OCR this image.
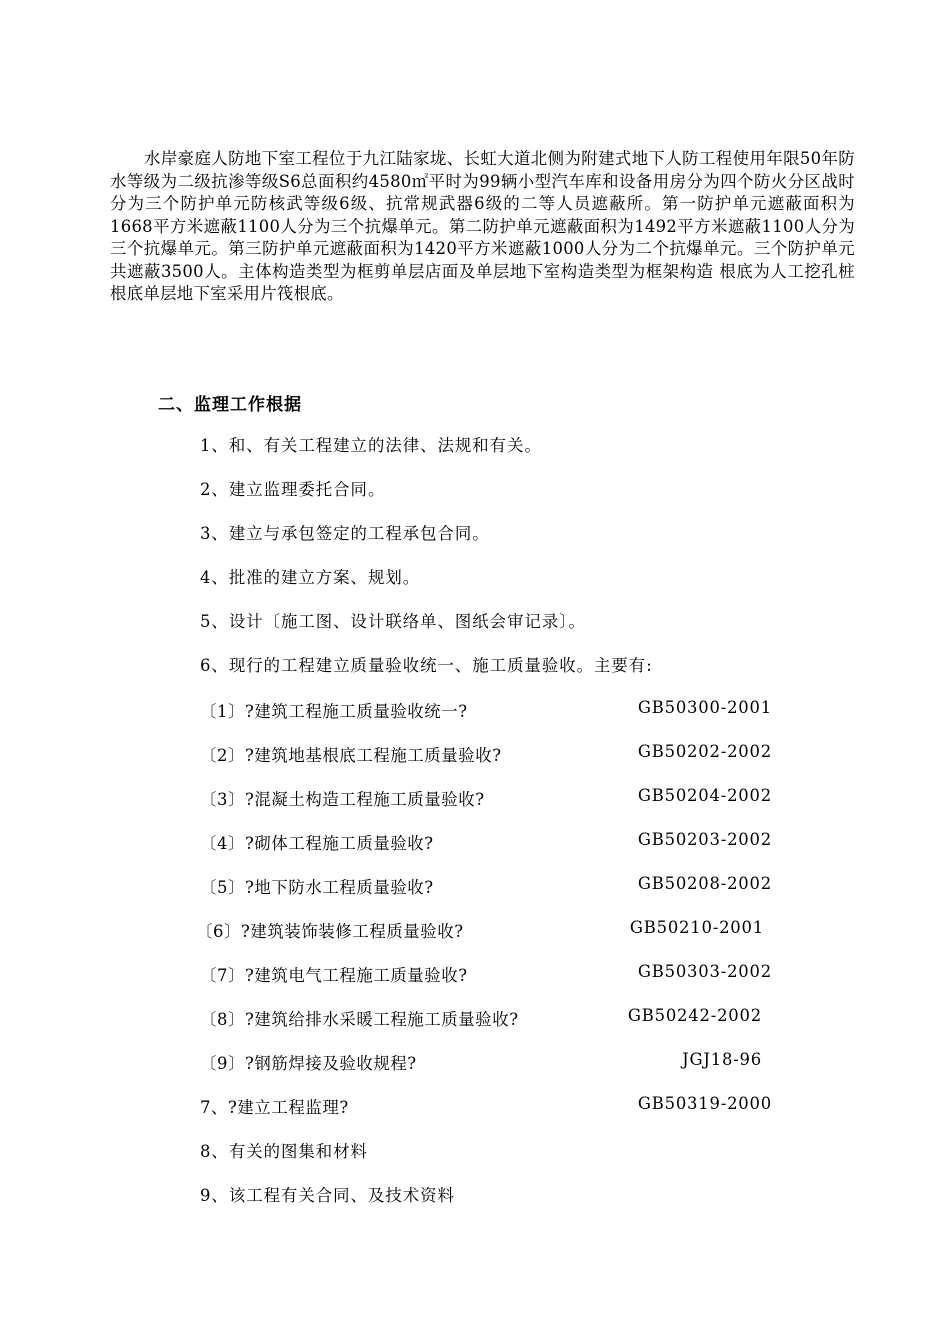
水岸豪庭人防地下室工程位于九江陆家垅、长虹大道北侧为附建式地下人防工程使用年限50年防水等级为二级抗渗等级S6总面积约4580㎡平时为99辆小型汽车库和设备用房分为四个防火分区战时分为三个防护单元防核武等级6级、抗常规武器6级的二等人员遮蔽所。第一防护单元遮蔽面积为1668平方米遮蔽1100人分为三个抗爆单元。第二防护单元遮蔽面积为1492平方米遮蔽1100人分为三个抗爆单元。第三防护单元遮蔽面积为1420平方米遮蔽1000人分为二个抗爆单元。三个防护单元共遮蔽3500人。主体构造类型为框剪单层店面及单层地下室构造类型为框架构造 根底为人工挖孔桩根底单层地下室采用片筏根底。

二、监理工作根据

1、和、有关工程建立的法律、法规和有关。

2、建立监理委托合同。

3、建立与承包签定的工程承包合同。

4、批准的建立方案、规划。

5、设计〔施工图、设计联络单、图纸会审记录〕。

6、现行的工程建立质量验收统一、施工质量验收。主要有:

〔1〕?建筑工程施工质量验收统一?	GB50300-2001
〔2〕?建筑地基根底工程施工质量验收?	GB50202-2002
〔3〕?混凝土构造工程施工质量验收?	GB50204-2002
〔4〕?砌体工程施工质量验收?	GB50203-2002
〔5〕?地下防水工程质量验收?	GB50208-2002
〔6〕?建筑装饰装修工程质量验收?	GB50210-2001
〔7〕?建筑电气工程施工质量验收?	GB50303-2002
〔8〕?建筑给排水采暖工程施工质量验收?	GB50242-2002
〔9〕?钢筋焊接及验收规程?	JGJ18-96
7、?建立工程监理?	GB50319-2000

8、有关的图集和材料

9、该工程有关合同、及技术资料
